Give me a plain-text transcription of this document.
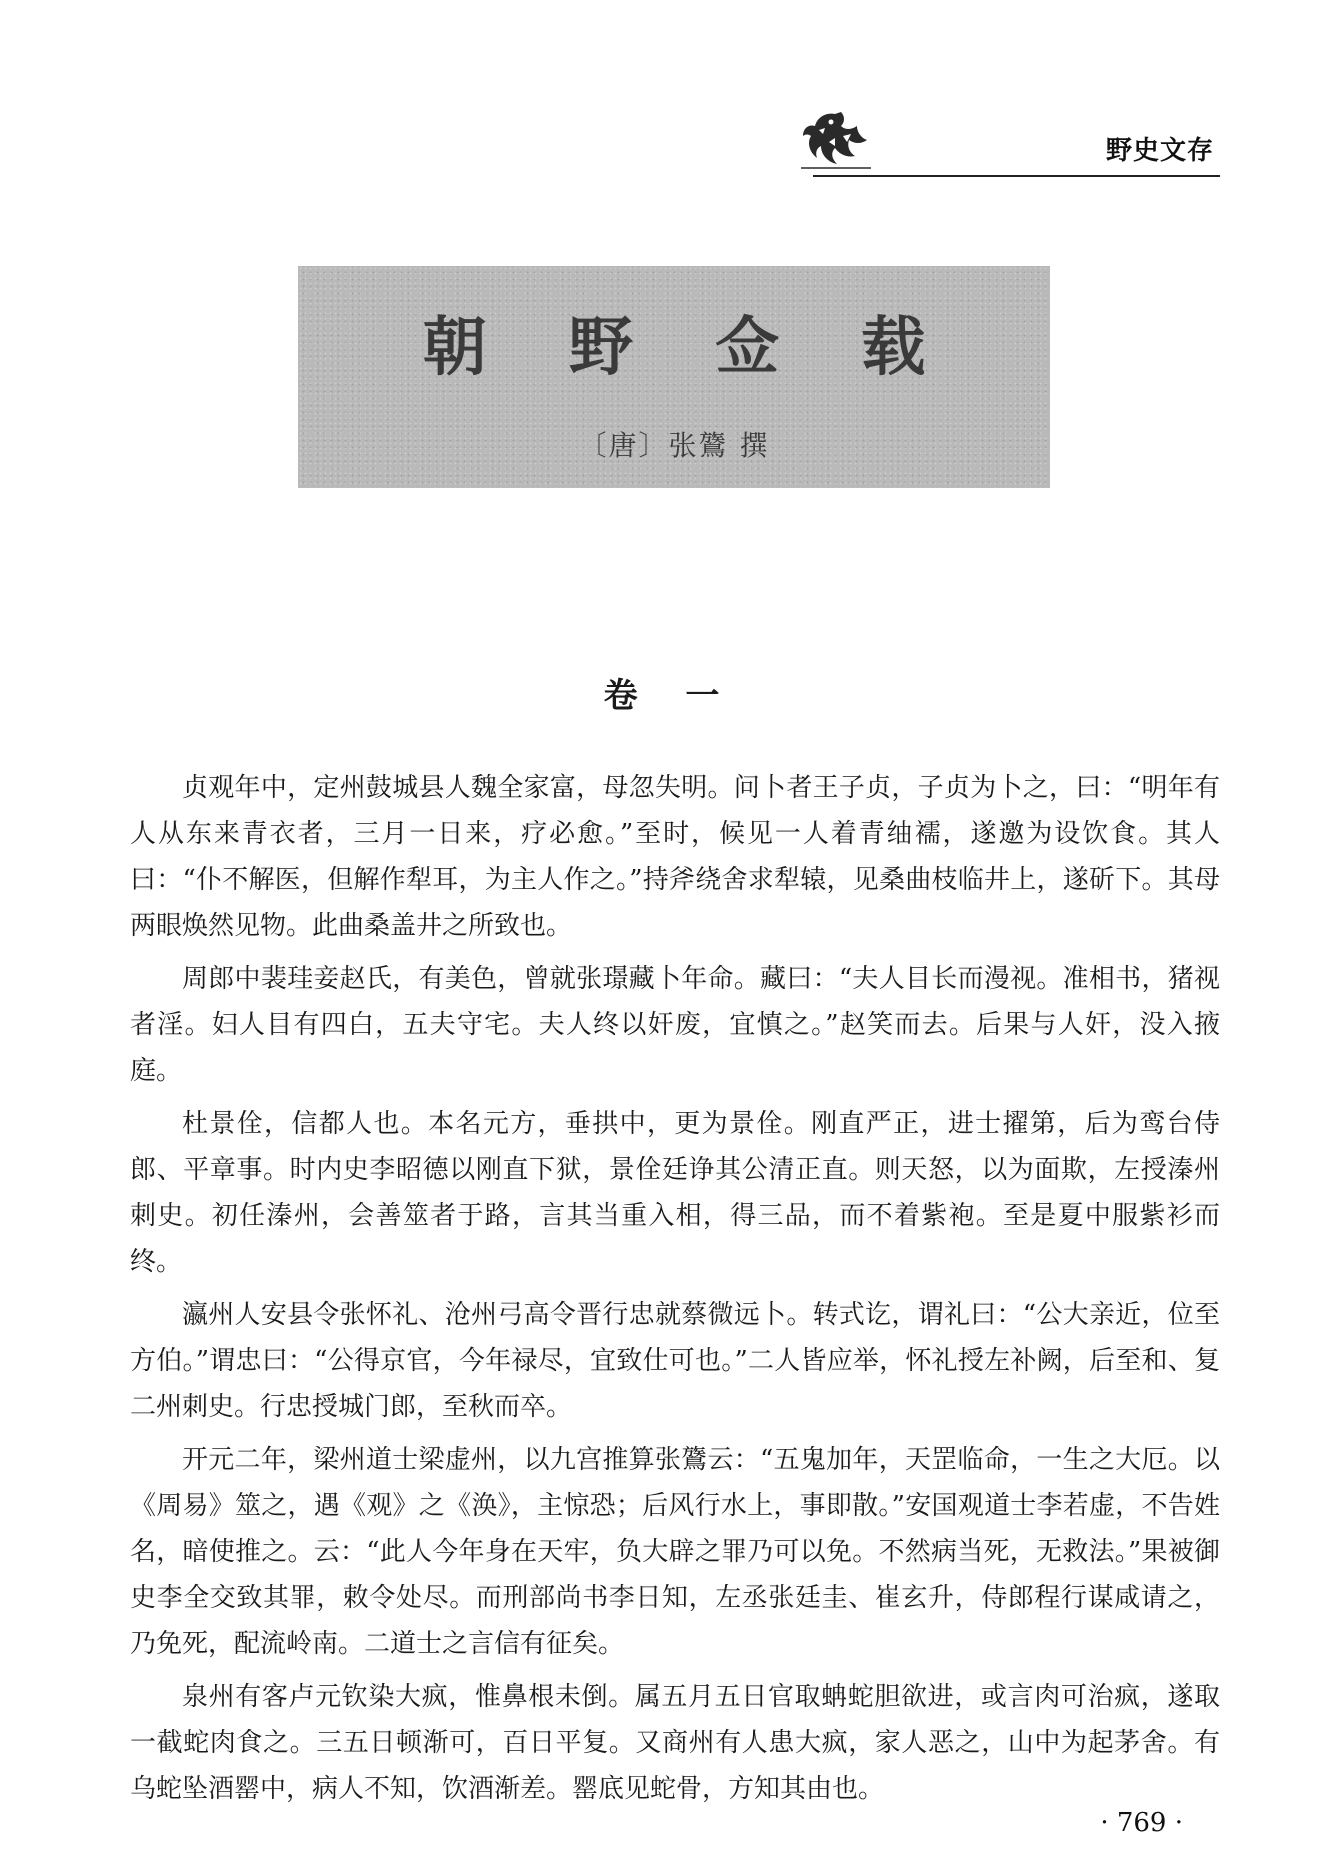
野史文存
朝 野 佥 载
〔唐〕张鷟 撰
卷 一

贞观年中，定州鼓城县人魏全家富，母忽失明。问卜者王子贞，子贞为卜之，曰：“明年有人从东来青衣者，三月一日来，疗必愈。”至时，候见一人着青䌷襦，遂邀为设饮食。其人曰：“仆不解医，但解作犁耳，为主人作之。”持斧绕舍求犁辕，见桑曲枝临井上，遂斫下。其母两眼焕然见物。此曲桑盖井之所致也。

周郎中裴珪妾赵氏，有美色，曾就张璟藏卜年命。藏曰：“夫人目长而漫视。准相书，猪视者淫。妇人目有四白，五夫守宅。夫人终以奸废，宜慎之。”赵笑而去。后果与人奸，没入掖庭。

杜景佺，信都人也。本名元方，垂拱中，更为景佺。刚直严正，进士擢第，后为鸾台侍郎、平章事。时内史李昭德以刚直下狱，景佺廷诤其公清正直。则天怒，以为面欺，左授溱州刺史。初任溱州，会善筮者于路，言其当重入相，得三品，而不着紫袍。至是夏中服紫衫而终。

瀛州人安县令张怀礼、沧州弓高令晋行忠就蔡微远卜。转式讫，谓礼曰：“公大亲近，位至方伯。”谓忠曰：“公得京官，今年禄尽，宜致仕可也。”二人皆应举，怀礼授左补阙，后至和、复二州刺史。行忠授城门郎，至秋而卒。

开元二年，梁州道士梁虚州，以九宫推算张鷟云：“五鬼加年，天罡临命，一生之大厄。以《周易》筮之，遇《观》之《涣》，主惊恐；后风行水上，事即散。”安国观道士李若虚，不告姓名，暗使推之。云：“此人今年身在天牢，负大辟之罪乃可以免。不然病当死，无救法。”果被御史李全交致其罪，敕令处尽。而刑部尚书李日知，左丞张廷圭、崔玄升，侍郎程行谋咸请之，乃免死，配流岭南。二道士之言信有征矣。

泉州有客卢元钦染大疯，惟鼻根未倒。属五月五日官取蚺蛇胆欲进，或言肉可治疯，遂取一截蛇肉食之。三五日顿渐可，百日平复。又商州有人患大疯，家人恶之，山中为起茅舍。有乌蛇坠酒罂中，病人不知，饮酒渐差。罂底见蛇骨，方知其由也。

· 769 ·
